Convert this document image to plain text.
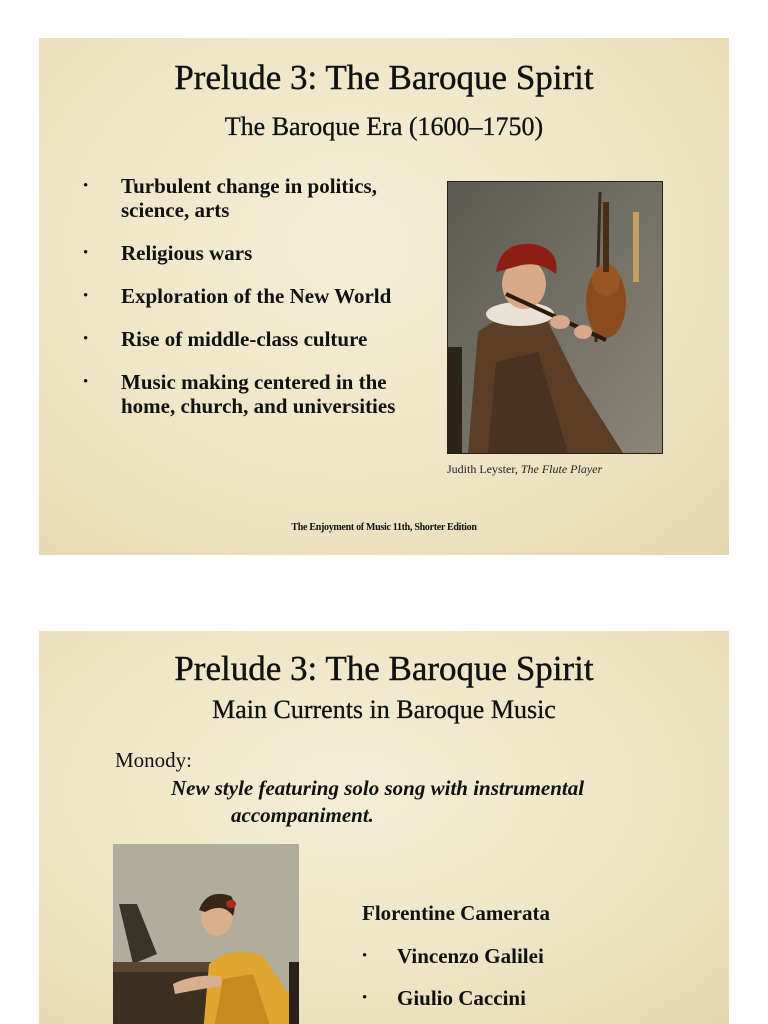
Prelude 3: The Baroque Spirit
The Baroque Era (1600–1750)
• Turbulent change in politics, science, arts
• Religious wars
• Exploration of the New World
• Rise of middle-class culture
• Music making centered in the home, church, and universities
Judith Leyster, The Flute Player
The Enjoyment of Music 11th, Shorter Edition
Prelude 3: The Baroque Spirit
Main Currents in Baroque Music
Monody:
New style featuring solo song with instrumental
accompaniment.
Florentine Camerata
• Vincenzo Galilei
• Giulio Caccini
